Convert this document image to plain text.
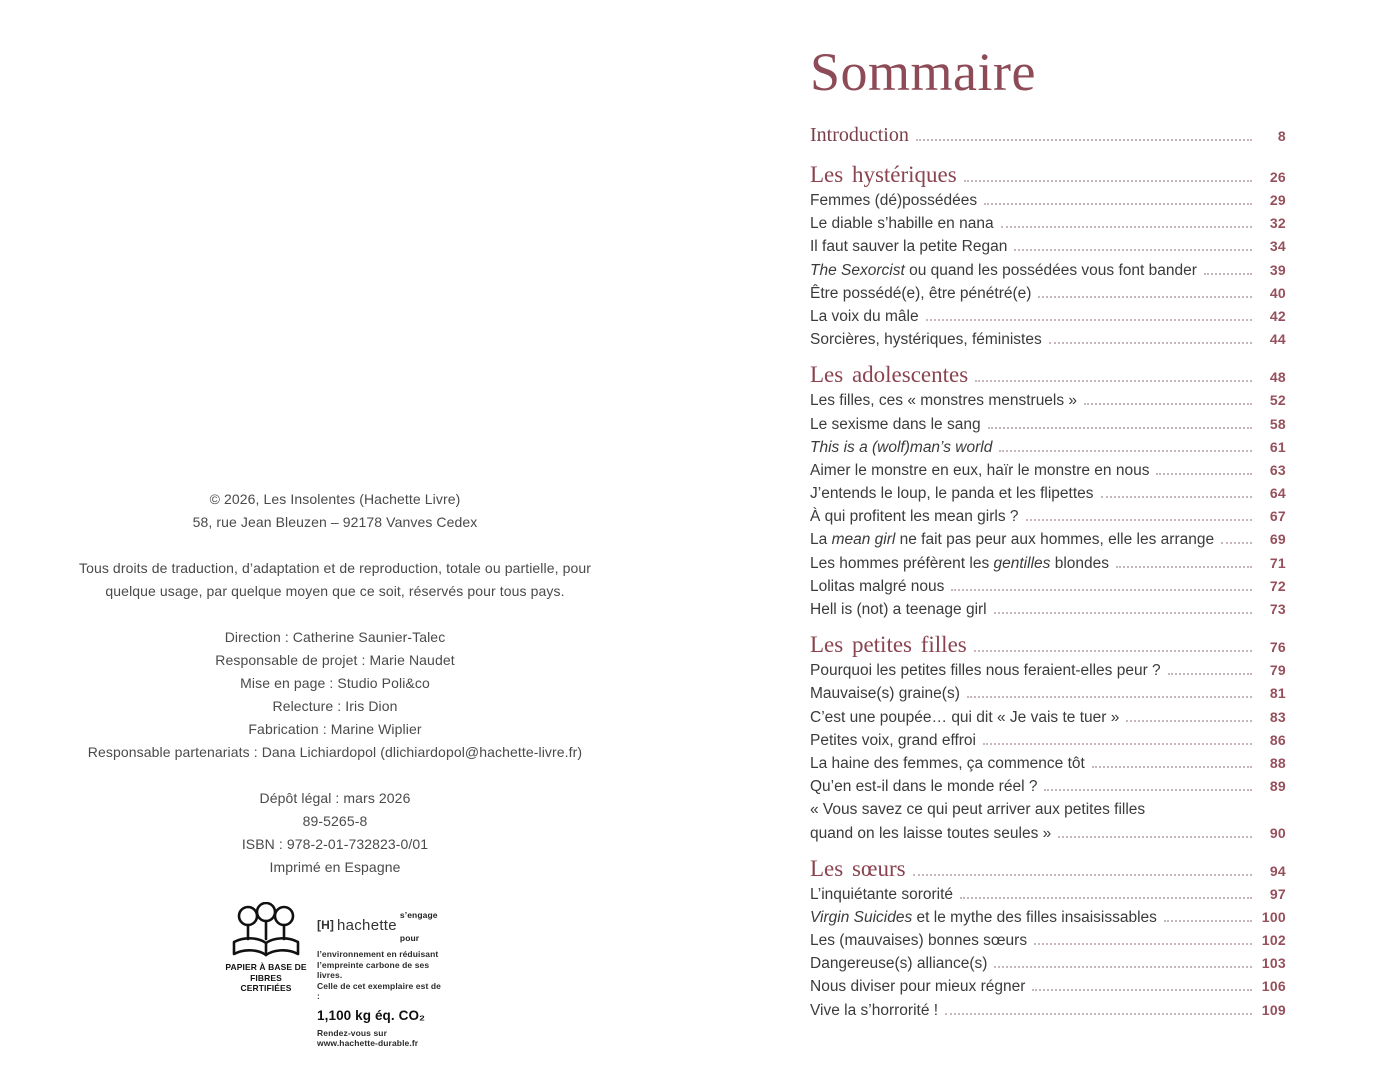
© 2026, Les Insolentes (Hachette Livre)
58, rue Jean Bleuzen – 92178 Vanves Cedex
Tous droits de traduction, d’adaptation et de reproduction, totale ou partielle, pour
quelque usage, par quelque moyen que ce soit, réservés pour tous pays.
Direction : Catherine Saunier-Talec
Responsable de projet : Marie Naudet
Mise en page : Studio Poli&co
Relecture : Iris Dion
Fabrication : Marine Wiplier
Responsable partenariats : Dana Lichiardopol (dlichiardopol@hachette-livre.fr)
Dépôt légal : mars 2026
89-5265-8
ISBN : 978-2-01-732823-0/01
Imprimé en Espagne
PAPIER À BASE DE
FIBRES CERTIFIÉES
[H] hachette
s’engage pour
l’environnement en réduisant
l’empreinte carbone de ses livres.
Celle de cet exemplaire est de :
1,100 kg éq. CO₂
Rendez-vous sur
www.hachette-durable.fr
Sommaire
Introduction	8
Les hystériques	26
Femmes (dé)possédées	29
Le diable s’habille en nana	32
Il faut sauver la petite Regan	34
The Sexorcist ou quand les possédées vous font bander	39
Être possédé(e), être pénétré(e)	40
La voix du mâle	42
Sorcières, hystériques, féministes	44
Les adolescentes	48
Les filles, ces « monstres menstruels »	52
Le sexisme dans le sang	58
This is a (wolf)man’s world	61
Aimer le monstre en eux, haïr le monstre en nous	63
J’entends le loup, le panda et les flipettes	64
À qui profitent les mean girls ?	67
La mean girl ne fait pas peur aux hommes, elle les arrange	69
Les hommes préfèrent les gentilles blondes	71
Lolitas malgré nous	72
Hell is (not) a teenage girl	73
Les petites filles	76
Pourquoi les petites filles nous feraient-elles peur ?	79
Mauvaise(s) graine(s)	81
C’est une poupée… qui dit « Je vais te tuer »	83
Petites voix, grand effroi	86
La haine des femmes, ça commence tôt	88
Qu’en est-il dans le monde réel ?	89
« Vous savez ce qui peut arriver aux petites filles
quand on les laisse toutes seules »	90
Les sœurs	94
L’inquiétante sororité	97
Virgin Suicides et le mythe des filles insaisissables	100
Les (mauvaises) bonnes sœurs	102
Dangereuse(s) alliance(s)	103
Nous diviser pour mieux régner	106
Vive la s’horrorité !	109
